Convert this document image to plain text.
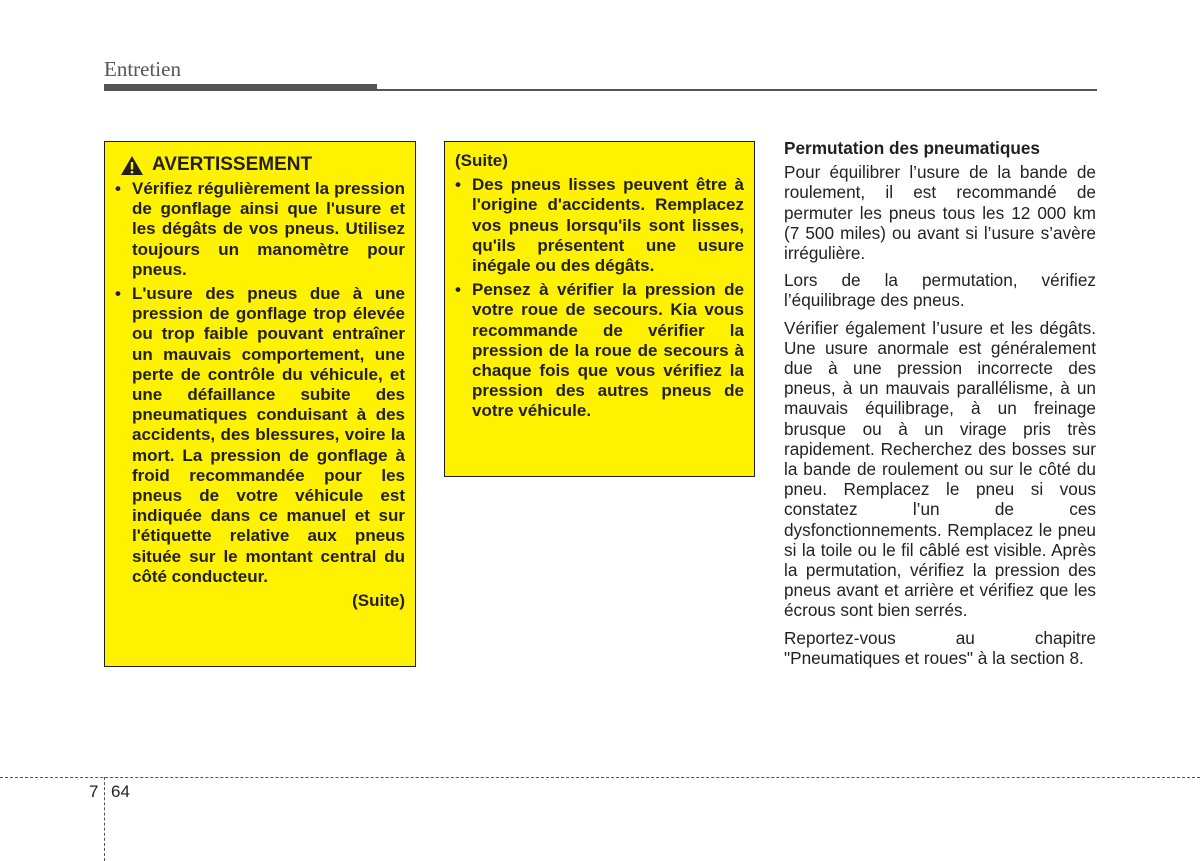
Entretien
AVERTISSEMENT
• Vérifiez régulièrement la pression de gonflage ainsi que l'usure et les dégâts de vos pneus. Utilisez toujours un manomètre pour pneus.
• L'usure des pneus due à une pression de gonflage trop élevée ou trop faible pouvant entraîner un mauvais comportement, une perte de contrôle du véhicule, et une défaillance subite des pneumatiques conduisant à des accidents, des blessures, voire la mort. La pression de gonflage à froid recommandée pour les pneus de votre véhicule est indiquée dans ce manuel et sur l'étiquette relative aux pneus située sur le montant central du côté conducteur.
(Suite)
(Suite)
• Des pneus lisses peuvent être à l'origine d'accidents. Remplacez vos pneus lorsqu'ils sont lisses, qu'ils présentent une usure inégale ou des dégâts.
• Pensez à vérifier la pression de votre roue de secours. Kia vous recommande de vérifier la pression de la roue de secours à chaque fois que vous vérifiez la pression des autres pneus de votre véhicule.
Permutation des pneumatiques

Pour équilibrer l’usure de la bande de roulement, il est recommandé de permuter les pneus tous les 12 000 km (7 500 miles) ou avant si l’usure s’avère irrégulière.

Lors de la permutation, vérifiez l’équilibrage des pneus.

Vérifier également l’usure et les dégâts. Une usure anormale est généralement due à une pression incorrecte des pneus, à un mauvais parallélisme, à un mauvais équilibrage, à un freinage brusque ou à un virage pris très rapidement. Recherchez des bosses sur la bande de roulement ou sur le côté du pneu. Remplacez le pneu si vous constatez l’un de ces dysfonctionnements. Remplacez le pneu si la toile ou le fil câblé est visible. Après la permutation, vérifiez la pression des pneus avant et arrière et vérifiez que les écrous sont bien serrés.

Reportez-vous au chapitre "Pneumatiques et roues" à la section 8.

7 64
